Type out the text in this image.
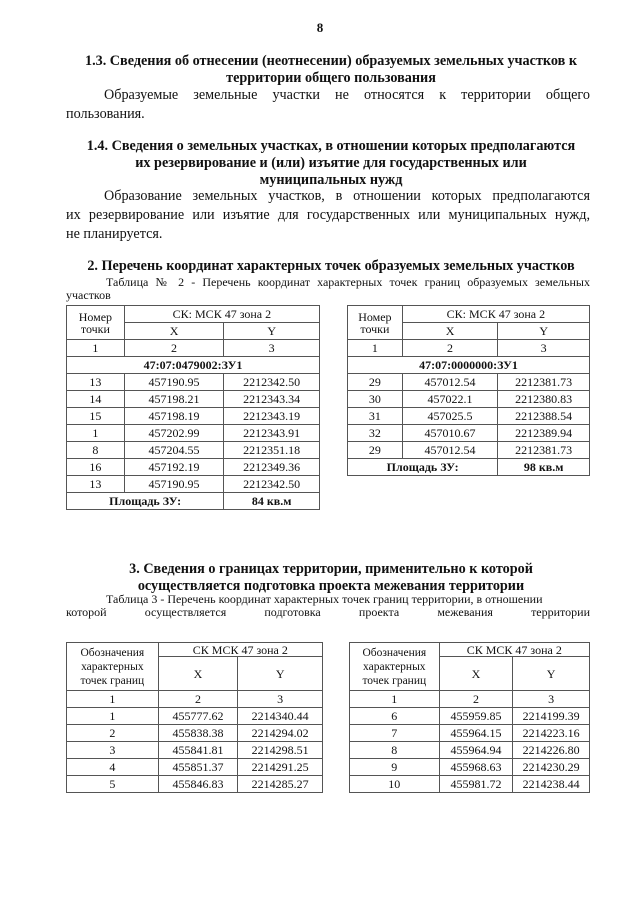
8
1.3. Сведения об отнесении (неотнесении) образуемых земельных участков к
территории общего пользования
Образуемые земельные участки не относятся к территории общего
пользования.
1.4. Сведения о земельных участках, в отношении которых предполагаются
их резервирование и (или) изъятие для государственных или
муниципальных нужд
Образование земельных участков, в отношении которых предполагаются
их резервирование или изъятие для государственных или муниципальных нужд,
не планируется.
2. Перечень координат характерных точек образуемых земельных участков
Таблица № 2 - Перечень координат характерных точек границ образуемых земельных
участков
Номер точки	СК: МСК 47 зона 2	
	X	Y
1	2	3
47:07:0479002:ЗУ1		
13	457190.95	2212342.50
14	457198.21	2212343.34
15	457198.19	2212343.19
1	457202.99	2212343.91
8	457204.55	2212351.18
16	457192.19	2212349.36
13	457190.95	2212342.50
Площадь ЗУ:		84 кв.м
Номер точки	СК: МСК 47 зона 2	
	X	Y
1	2	3
47:07:0000000:ЗУ1		
29	457012.54	2212381.73
30	457022.1	2212380.83
31	457025.5	2212388.54
32	457010.67	2212389.94
29	457012.54	2212381.73
Площадь ЗУ:		98 кв.м
3. Сведения о границах территории, применительно к которой
осуществляется подготовка проекта межевания территории
Таблица 3 - Перечень координат характерных точек границ территории, в отношении
которой осуществляется подготовка проекта межевания территории
Обозначения характерных точек границ	СК МСК 47 зона 2	
	X	Y
1	2	3
1	455777.62	2214340.44
2	455838.38	2214294.02
3	455841.81	2214298.51
4	455851.37	2214291.25
5	455846.83	2214285.27
Обозначения характерных точек границ	СК МСК 47 зона 2	
	X	Y
1	2	3
6	455959.85	2214199.39
7	455964.15	2214223.16
8	455964.94	2214226.80
9	455968.63	2214230.29
10	455981.72	2214238.44
